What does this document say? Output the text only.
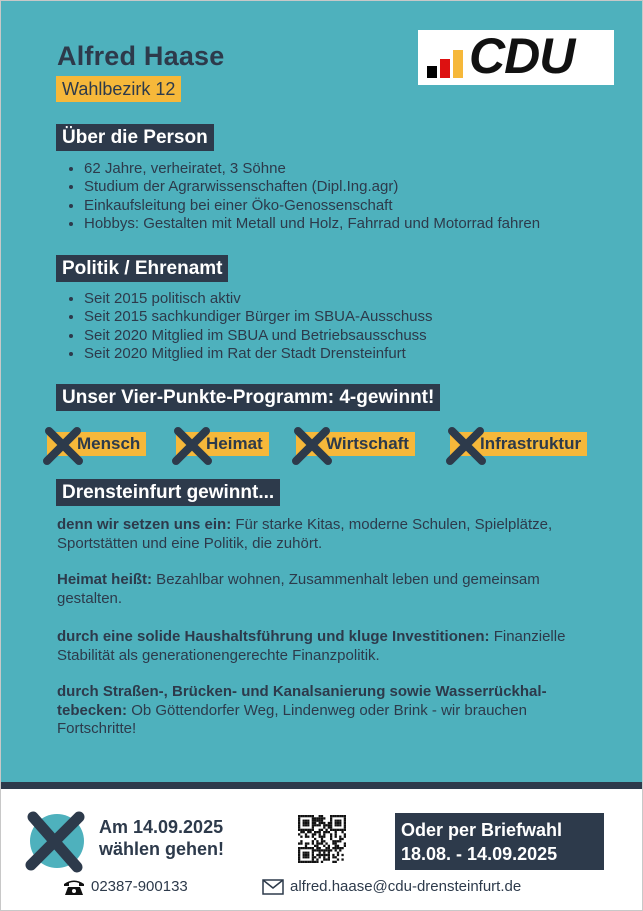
Alfred Haase
Wahlbezirk 12
CDU
Über die Person
• 62 Jahre, verheiratet, 3 Söhne
• Studium der Agrarwissenschaften (Dipl.Ing.agr)
• Einkaufsleitung bei einer Öko-Genossenschaft
• Hobbys: Gestalten mit Metall und Holz, Fahrrad und Motorrad fahren
Politik / Ehrenamt
• Seit 2015 politisch aktiv
• Seit 2015 sachkundiger Bürger im SBUA-Ausschuss
• Seit 2020 Mitglied im SBUA und Betriebsausschuss
• Seit 2020 Mitglied im Rat der Stadt Drensteinfurt
Unser Vier-Punkte-Programm: 4-gewinnt!
Mensch	Heimat	Wirtschaft	Infrastruktur
Drensteinfurt gewinnt...
denn wir setzen uns ein: Für starke Kitas, moderne Schulen, Spielplätze, Sportstätten und eine Politik, die zuhört.
Heimat heißt: Bezahlbar wohnen, Zusammenhalt leben und gemeinsam gestalten.
durch eine solide Haushaltsführung und kluge Investitionen: Finanzielle Stabilität als generationengerechte Finanzpolitik.
durch Straßen-, Brücken- und Kanalsanierung sowie Wasserrückhal-tebecken: Ob Göttendorfer Weg, Lindenweg oder Brink - wir brauchen Fortschritte!
Am 14.09.2025
wählen gehen!
Oder per Briefwahl
18.08. - 14.09.2025
02387-900133	alfred.haase@cdu-drensteinfurt.de
